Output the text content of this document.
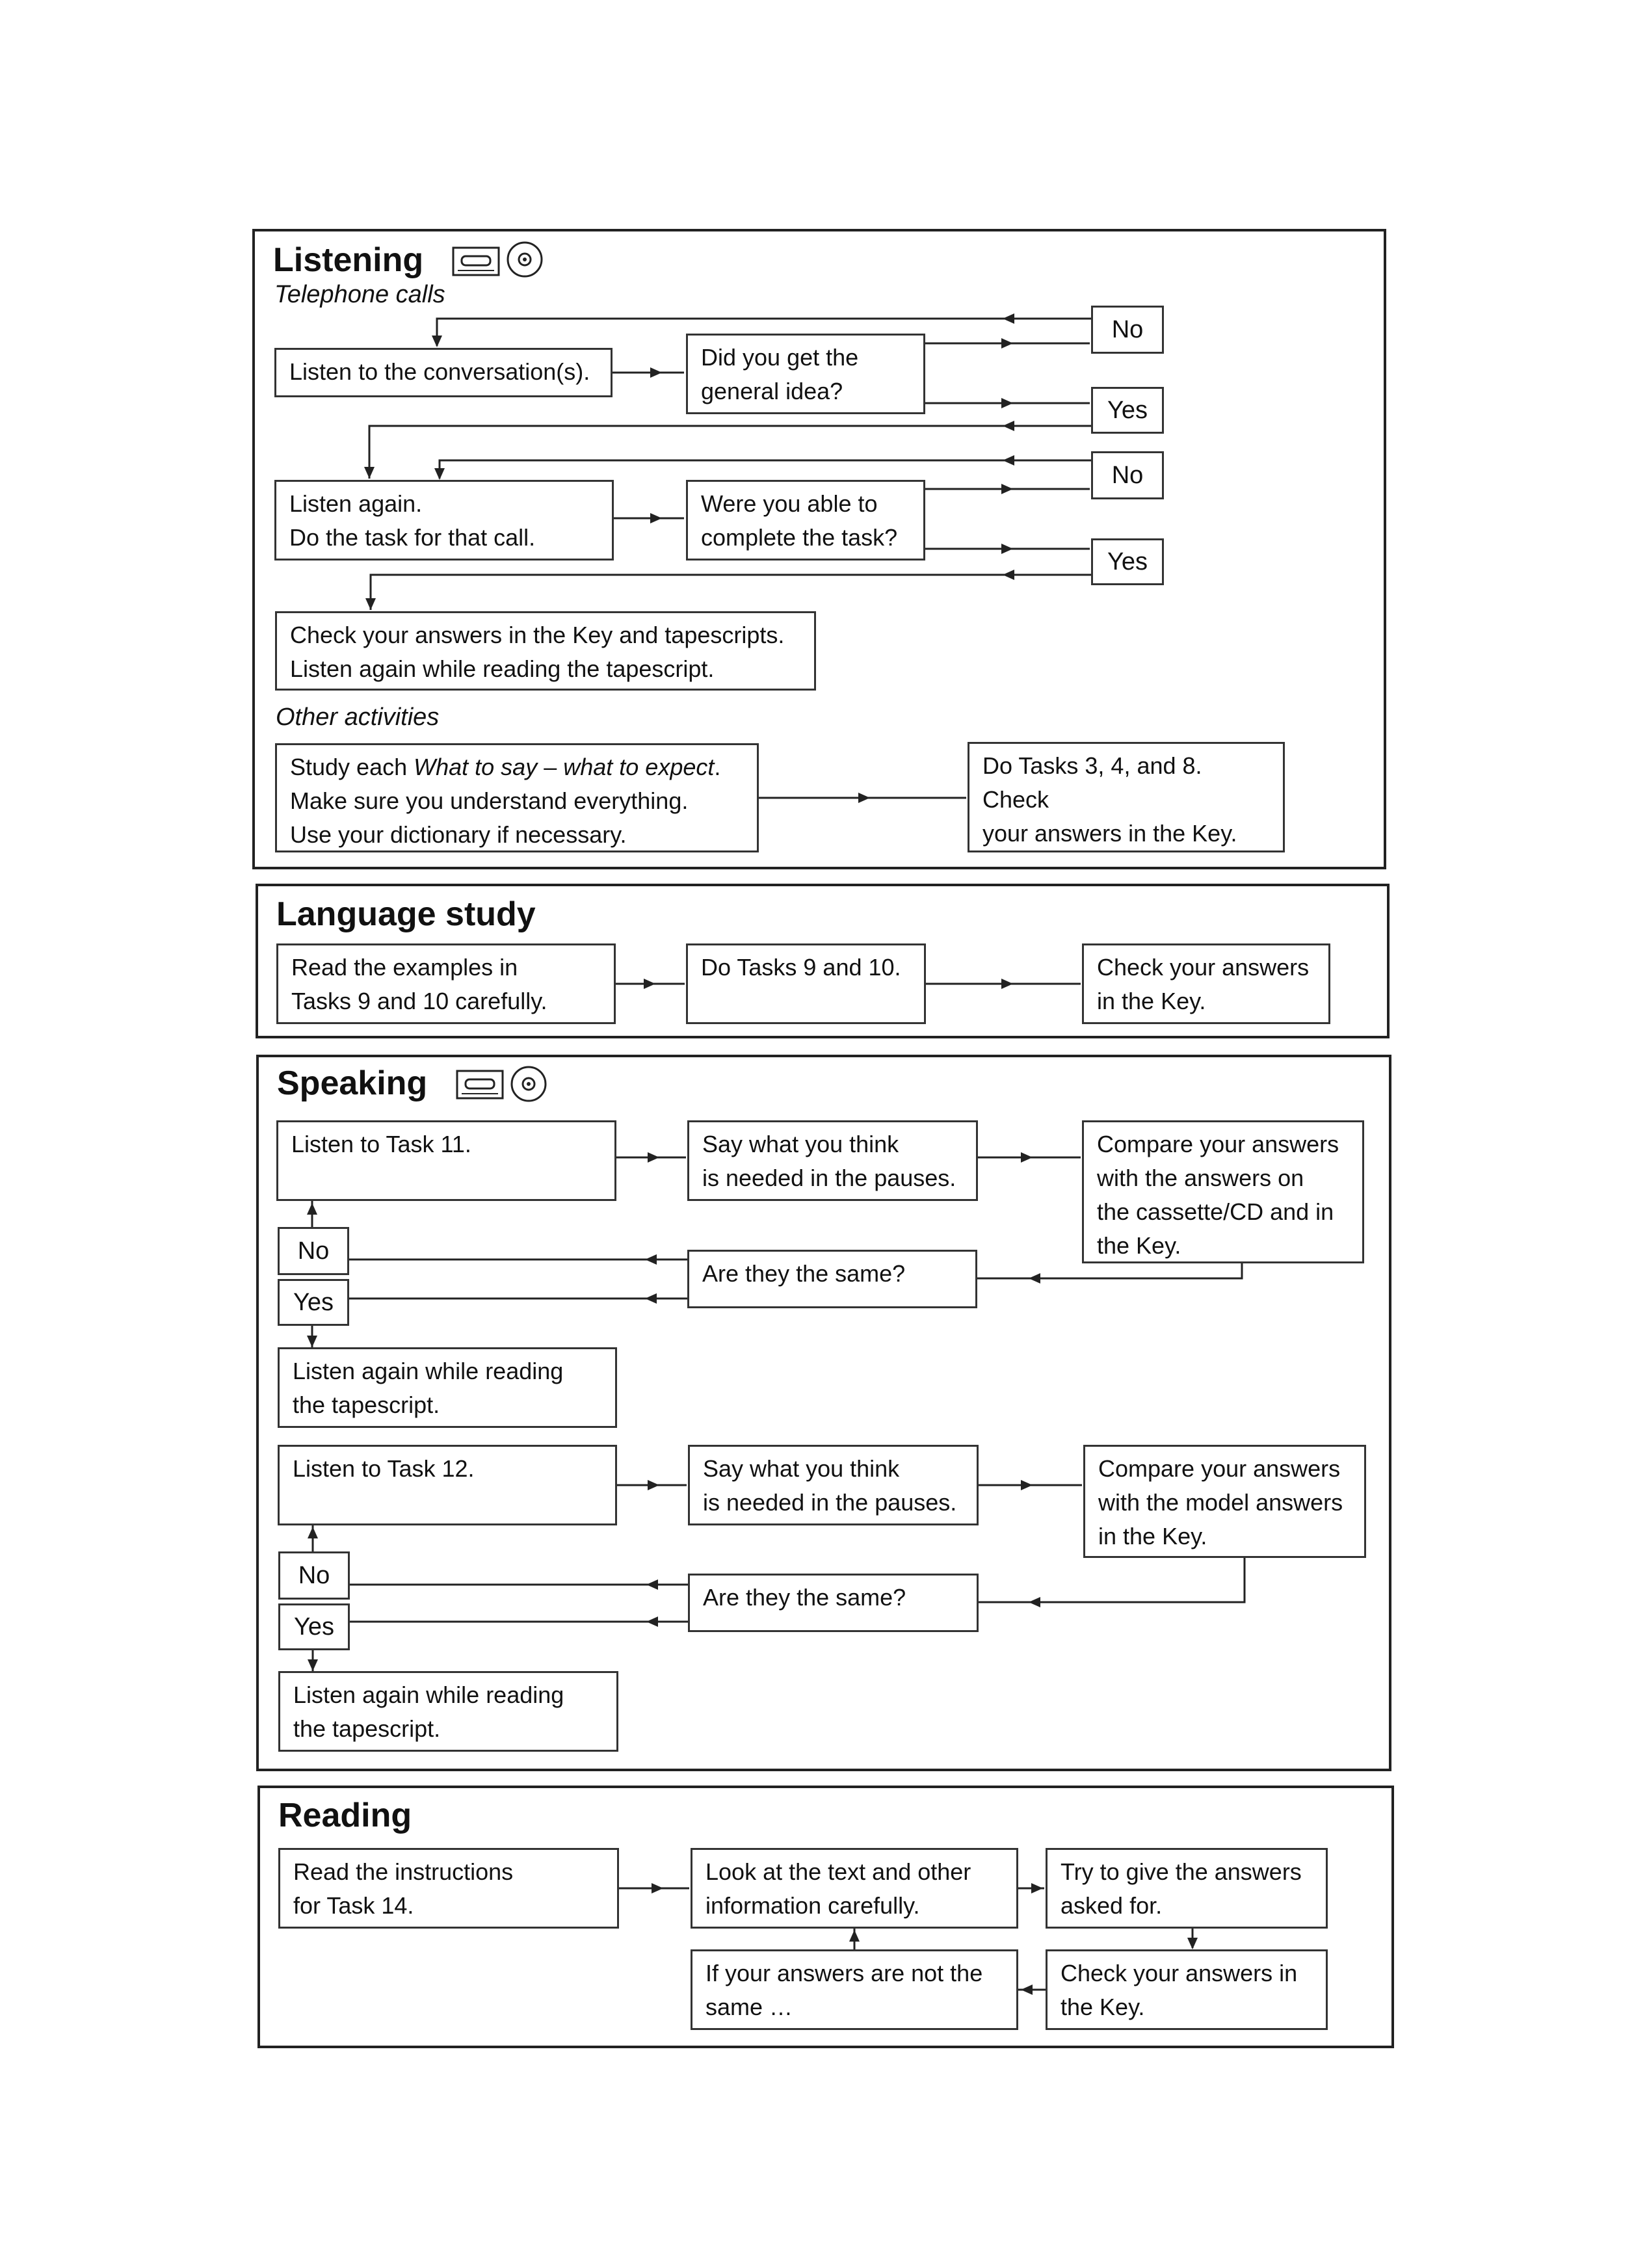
Listening
Telephone calls
Listen to the conversation(s).
Did you get the
general idea?
No
Yes
Listen again.
Do the task for that call.
Were you able to
complete the task?
No
Yes
Check your answers in the Key and tapescripts.
Listen again while reading the tapescript.
Other activities
Study each What to say – what to expect.
Make sure you understand everything.
Use your dictionary if necessary.
Do Tasks 3, 4, and 8. Check
your answers in the Key.
Language study
Read the examples in
Tasks 9 and 10 carefully.
Do Tasks 9 and 10.	Check your answers
in the Key.
Speaking
Listen to Task 11.	Say what you think
is needed in the pauses.
Compare your answers
with the answers on
the cassette/CD and in
the Key.
No
Yes
Are they the same?
Listen again while reading
the tapescript.
Listen to Task 12.	Say what you think
is needed in the pauses.
Compare your answers
with the model answers
in the Key.
No
Yes
Are they the same?
Listen again while reading
the tapescript.
Reading
Read the instructions
for Task 14.
Look at the text and other
information carefully.
Try to give the answers
asked for.
If your answers are not the
same …
Check your answers in
the Key.
